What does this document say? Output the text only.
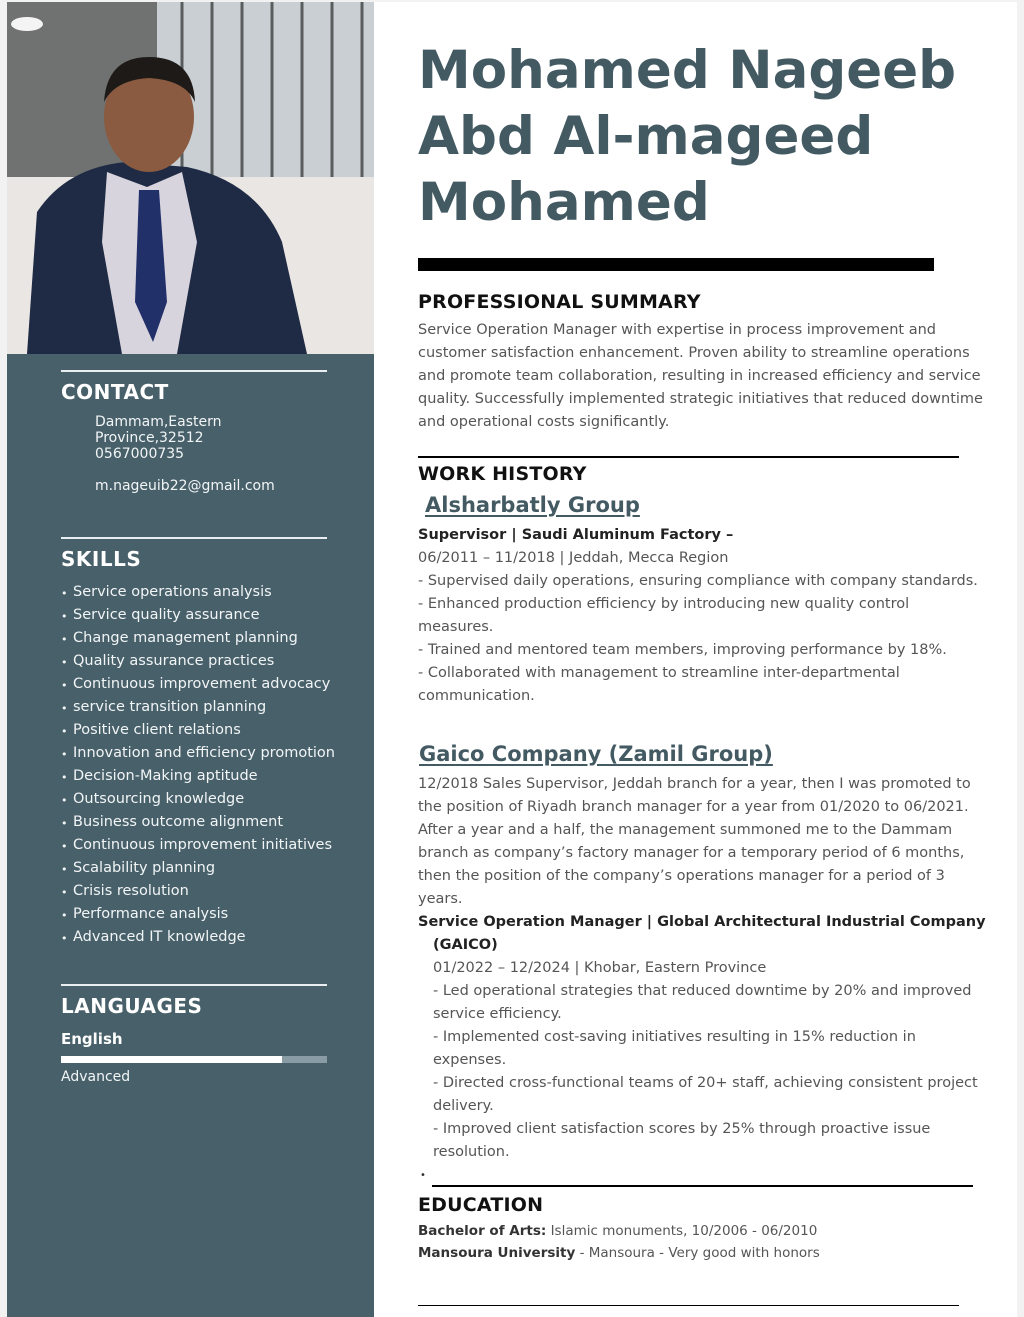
CONTACT
Dammam,Eastern Province,32512
0567000735
m.nageuib22@gmail.com
SKILLS
• Service operations analysis
• Service quality assurance
• Change management planning
• Quality assurance practices
• Continuous improvement advocacy
• service transition planning
• Positive client relations
• Innovation and efficiency promotion
• Decision-Making aptitude
• Outsourcing knowledge
• Business outcome alignment
• Continuous improvement initiatives
• Scalability planning
• Crisis resolution
• Performance analysis
• Advanced IT knowledge
LANGUAGES
English
Advanced
Mohamed Nageeb
Abd Al-mageed
Mohamed
PROFESSIONAL SUMMARY
Service Operation Manager with expertise in process improvement and
customer satisfaction enhancement. Proven ability to streamline operations
and promote team collaboration, resulting in increased efficiency and service
quality. Successfully implemented strategic initiatives that reduced downtime
and operational costs significantly.
WORK HISTORY
Alsharbatly Group
Supervisor | Saudi Aluminum Factory –
06/2011 – 11/2018 | Jeddah, Mecca Region
- Supervised daily operations, ensuring compliance with company standards.
- Enhanced production efficiency by introducing new quality control
measures.
- Trained and mentored team members, improving performance by 18%.
- Collaborated with management to streamline inter-departmental
communication.
Gaico Company (Zamil Group)
12/2018 Sales Supervisor, Jeddah branch for a year, then I was promoted to
the position of Riyadh branch manager for a year from 01/2020 to 06/2021.
After a year and a half, the management summoned me to the Dammam
branch as company’s factory manager for a temporary period of 6 months,
then the position of the company’s operations manager for a period of 3
years.
Service Operation Manager | Global Architectural Industrial Company
(GAICO)
01/2022 – 12/2024 | Khobar, Eastern Province
- Led operational strategies that reduced downtime by 20% and improved
service efficiency.
- Implemented cost-saving initiatives resulting in 15% reduction in
expenses.
- Directed cross-functional teams of 20+ staff, achieving consistent project
delivery.
- Improved client satisfaction scores by 25% through proactive issue
resolution.
•
EDUCATION
Bachelor of Arts: Islamic monuments, 10/2006 - 06/2010
Mansoura University - Mansoura - Very good with honors
